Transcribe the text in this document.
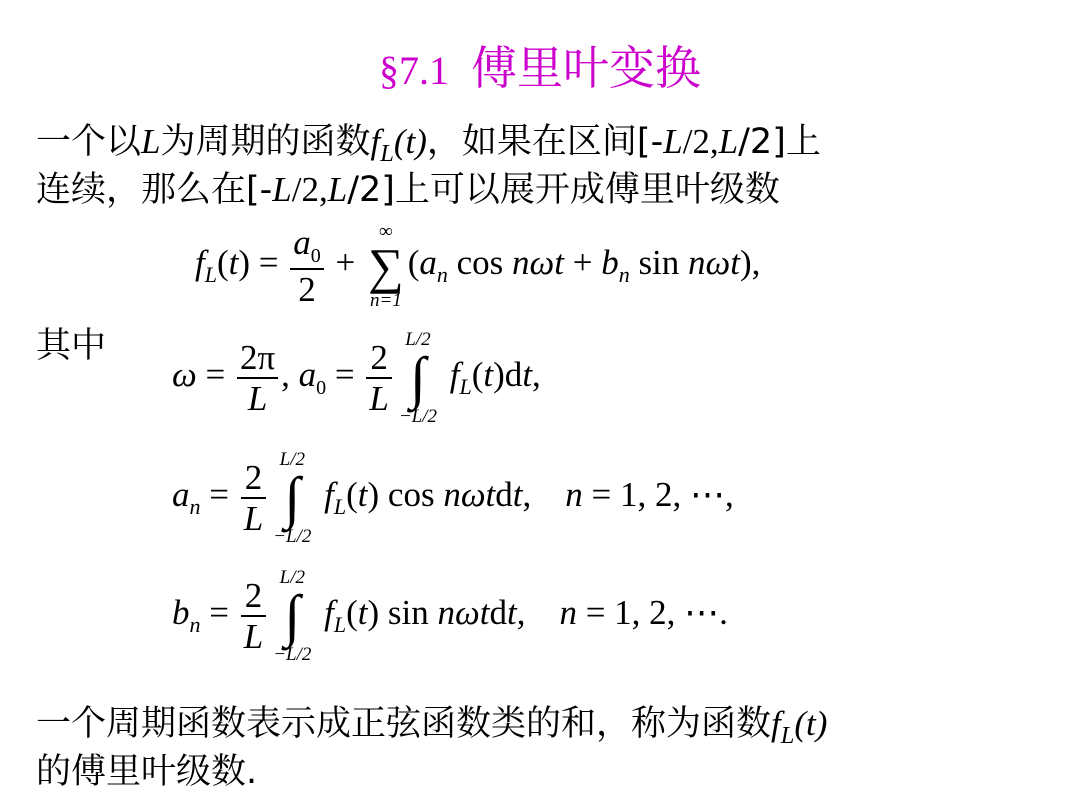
§7.1 傅里叶变换
一个以L为周期的函数$f_L(t)$，如果在区间[-L/2,L/2]上
连续，那么在[-L/2,L/2]上可以展开成傅里叶级数
$f_L(t) = \frac{a_0}{2}$ +
∞
∑
n=1
($a_n$ $\cos n\omega t + b_n$ sin nωt),
其中
$\omega = \frac{2\pi}{L}$ , $a_0 = \frac{2}{L} L/2$
∫
−L/2
$f_L(t)dt$,
$a_n = \frac{2}{L} L/2$
∫
−L/2
$f_L(t)$ cos nωtdt, n = 1, 2, ⋯,
$b_n = \frac{2}{L} L/2$
∫
−L/2
$f_L(t)$ sin nωtdt, n = 1, 2, ⋯.
一个周期函数表示成正弦函数类的和，称为函数$f_L(t)$
的傅里叶级数.
